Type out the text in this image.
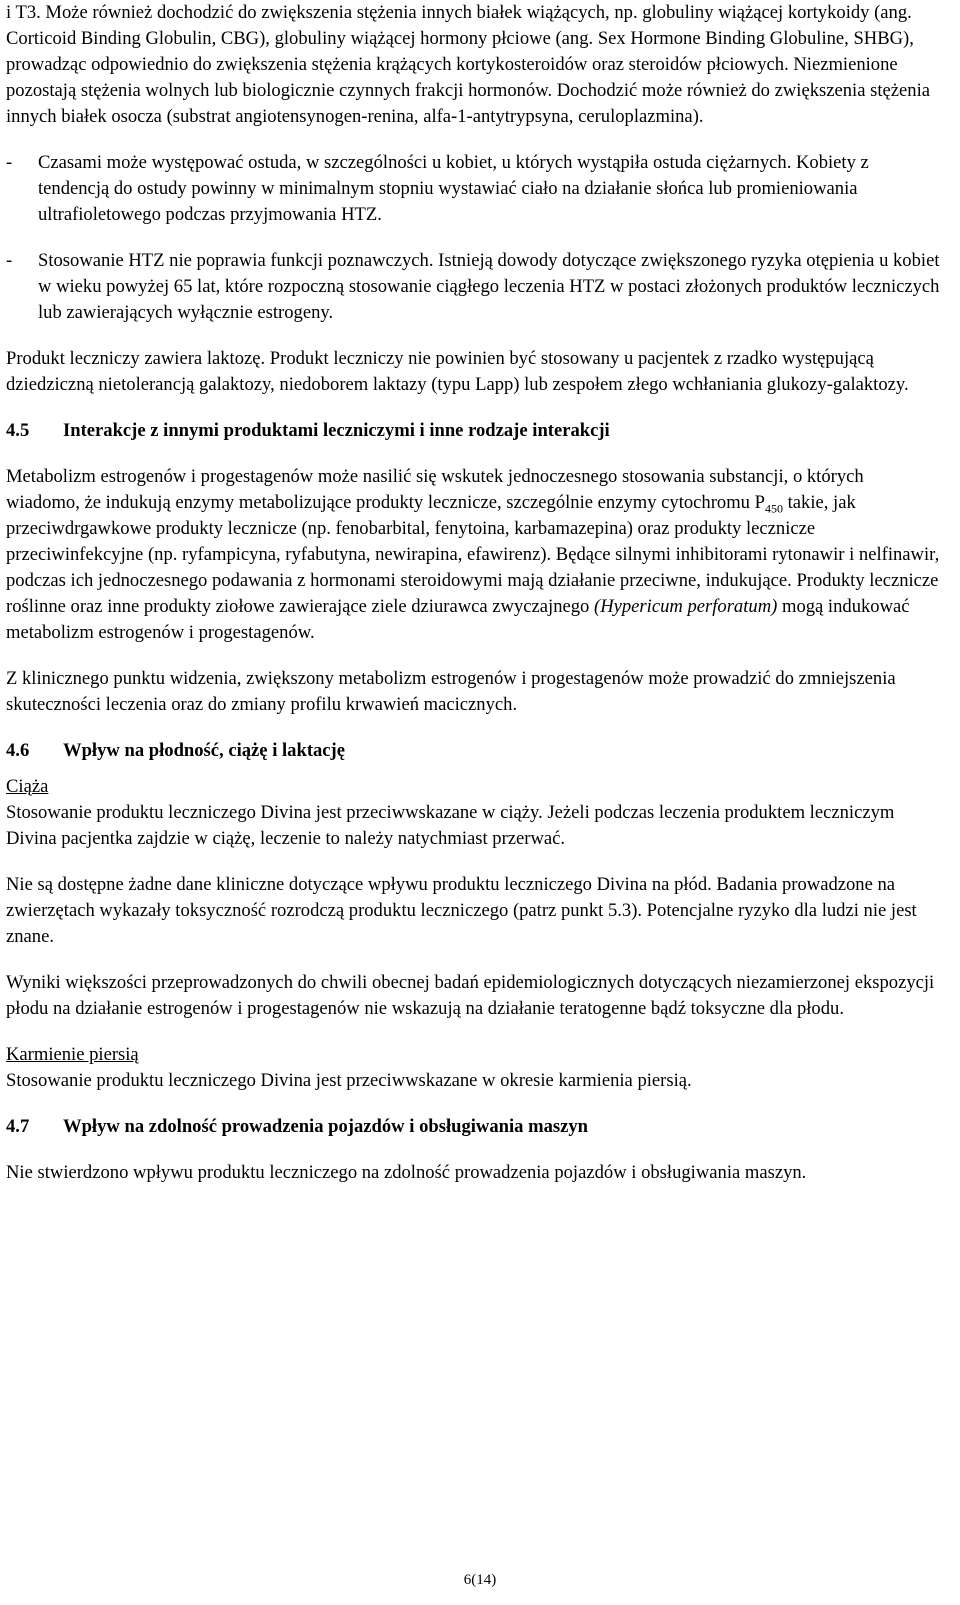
i T3. Może również dochodzić do zwiększenia stężenia innych białek wiążących, np. globuliny wiążącej kortykoidy (ang. Corticoid Binding Globulin, CBG), globuliny wiążącej hormony płciowe (ang. Sex Hormone Binding Globuline, SHBG), prowadząc odpowiednio do zwiększenia stężenia krążących kortykosteroidów oraz steroidów płciowych. Niezmienione pozostają stężenia wolnych lub biologicznie czynnych frakcji hormonów. Dochodzić może również do zwiększenia stężenia innych białek osocza (substrat angiotensynogen-renina, alfa-1-antytrypsyna, ceruloplazmina).

-	Czasami może występować ostuda, w szczególności u kobiet, u których wystąpiła ostuda ciężarnych. Kobiety z tendencją do ostudy powinny w minimalnym stopniu wystawiać ciało na działanie słońca lub promieniowania ultrafioletowego podczas przyjmowania HTZ.
-	Stosowanie HTZ nie poprawia funkcji poznawczych. Istnieją dowody dotyczące zwiększonego ryzyka otępienia u kobiet w wieku powyżej 65 lat, które rozpoczną stosowanie ciągłego leczenia HTZ w postaci złożonych produktów leczniczych lub zawierających wyłącznie estrogeny.

Produkt leczniczy zawiera laktozę. Produkt leczniczy nie powinien być stosowany u pacjentek z rzadko występującą dziedziczną nietolerancją galaktozy, niedoborem laktazy (typu Lapp) lub zespołem złego wchłaniania glukozy-galaktozy.

4.5	Interakcje z innymi produktami leczniczymi i inne rodzaje interakcji

Metabolizm estrogenów i progestagenów może nasilić się wskutek jednoczesnego stosowania substancji, o których wiadomo, że indukują enzymy metabolizujące produkty lecznicze, szczególnie enzymy cytochromu $P_{450}$ takie, jak przeciwdrgawkowe produkty lecznicze (np. fenobarbital, fenytoina, karbamazepina) oraz produkty lecznicze przeciwinfekcyjne (np. ryfampicyna, ryfabutyna, newirapina, efawirenz). Będące silnymi inhibitorami rytonawir i nelfinawir, podczas ich jednoczesnego podawania z hormonami steroidowymi mają działanie przeciwne, indukujące. Produkty lecznicze roślinne oraz inne produkty ziołowe zawierające ziele dziurawca zwyczajnego (Hypericum perforatum) mogą indukować metabolizm estrogenów i progestagenów.

Z klinicznego punktu widzenia, zwiększony metabolizm estrogenów i progestagenów może prowadzić do zmniejszenia skuteczności leczenia oraz do zmiany profilu krwawień macicznych.

4.6	Wpływ na płodność, ciążę i laktację

Ciąża

Stosowanie produktu leczniczego Divina jest przeciwwskazane w ciąży. Jeżeli podczas leczenia produktem leczniczym Divina pacjentka zajdzie w ciążę, leczenie to należy natychmiast przerwać.

Nie są dostępne żadne dane kliniczne dotyczące wpływu produktu leczniczego Divina na płód. Badania prowadzone na zwierzętach wykazały toksyczność rozrodczą produktu leczniczego (patrz punkt 5.3). Potencjalne ryzyko dla ludzi nie jest znane.

Wyniki większości przeprowadzonych do chwili obecnej badań epidemiologicznych dotyczących niezamierzonej ekspozycji płodu na działanie estrogenów i progestagenów nie wskazują na działanie teratogenne bądź toksyczne dla płodu.

Karmienie piersią

Stosowanie produktu leczniczego Divina jest przeciwwskazane w okresie karmienia piersią.

4.7	Wpływ na zdolność prowadzenia pojazdów i obsługiwania maszyn

Nie stwierdzono wpływu produktu leczniczego na zdolność prowadzenia pojazdów i obsługiwania maszyn.

6(14)
